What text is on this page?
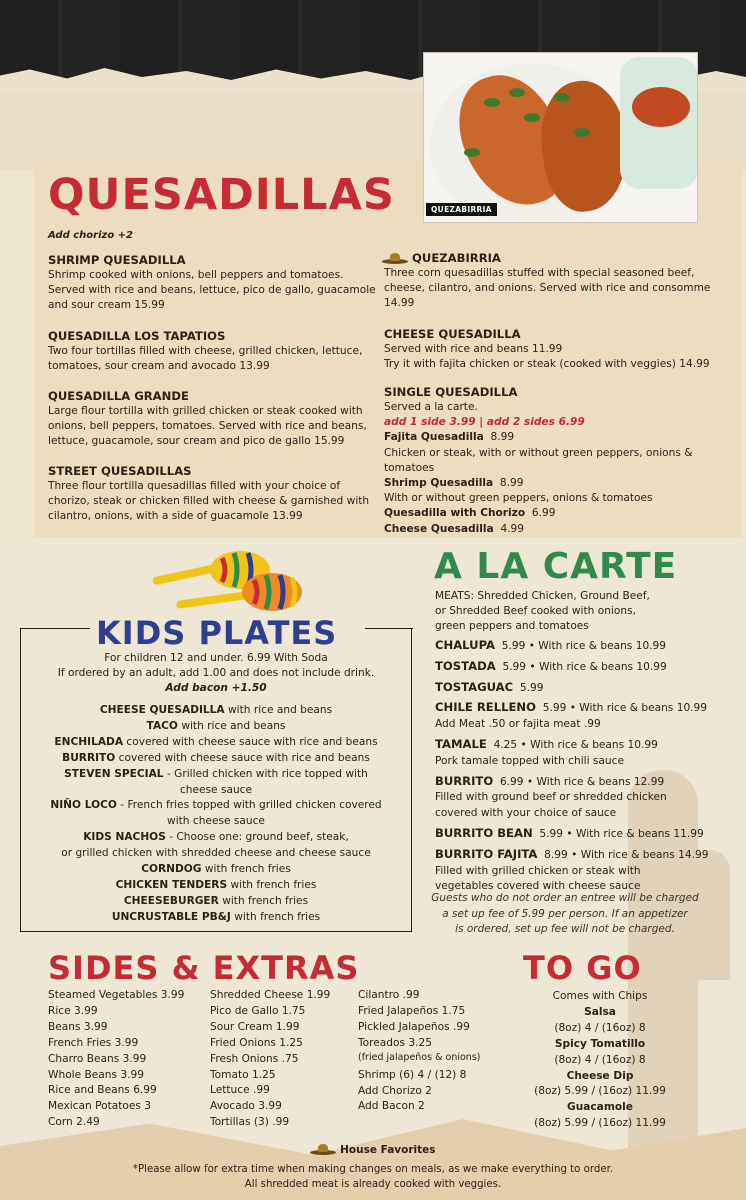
QUEZABIRRIA
QUESADILLAS
Add chorizo +2
SHRIMP QUESADILLA
Shrimp cooked with onions, bell peppers and tomatoes. Served with rice and beans, lettuce, pico de gallo, guacamole and sour cream 15.99
QUESADILLA LOS TAPATIOS
Two four tortillas filled with cheese, grilled chicken, lettuce, tomatoes, sour cream and avocado 13.99
QUESADILLA GRANDE
Large flour tortilla with grilled chicken or steak cooked with onions, bell peppers, tomatoes. Served with rice and beans, lettuce, guacamole, sour cream and pico de gallo 15.99
STREET QUESADILLAS
Three flour tortilla quesadillas filled with your choice of chorizo, steak or chicken filled with cheese & garnished with cilantro, onions, with a side of guacamole 13.99
QUEZABIRRIA
Three corn quesadillas stuffed with special seasoned beef, cheese, cilantro, and onions. Served with rice and consomme 14.99
CHEESE QUESADILLA
Served with rice and beans 11.99
Try it with fajita chicken or steak (cooked with veggies) 14.99
SINGLE QUESADILLA
Served a la carte.
add 1 side 3.99 | add 2 sides 6.99
Fajita Quesadilla 8.99
Chicken or steak, with or without green peppers, onions & tomatoes
Shrimp Quesadilla 8.99
With or without green peppers, onions & tomatoes
Quesadilla with Chorizo 6.99
Cheese Quesadilla 4.99
KIDS PLATES
For children 12 and under. 6.99 With Soda
If ordered by an adult, add 1.00 and does not include drink.
Add bacon +1.50
CHEESE QUESADILLA with rice and beans
TACO with rice and beans
ENCHILADA covered with cheese sauce with rice and beans
BURRITO covered with cheese sauce with rice and beans
STEVEN SPECIAL - Grilled chicken with rice topped with
cheese sauce
NIÑO LOCO - French fries topped with grilled chicken covered
with cheese sauce
KIDS NACHOS - Choose one: ground beef, steak,
or grilled chicken with shredded cheese and cheese sauce
CORNDOG with french fries
CHICKEN TENDERS with french fries
CHEESEBURGER with french fries
UNCRUSTABLE PB&J with french fries
A LA CARTE
MEATS: Shredded Chicken, Ground Beef,
or Shredded Beef cooked with onions,
green peppers and tomatoes
CHALUPA 5.99 • With rice & beans 10.99
TOSTADA 5.99 • With rice & beans 10.99
TOSTAGUAC 5.99
CHILE RELLENO 5.99 • With rice & beans 10.99
Add Meat .50 or fajita meat .99
TAMALE 4.25 • With rice & beans 10.99
Pork tamale topped with chili sauce
BURRITO 6.99 • With rice & beans 12.99
Filled with ground beef or shredded chicken
covered with your choice of sauce
BURRITO BEAN 5.99 • With rice & beans 11.99
BURRITO FAJITA 8.99 • With rice & beans 14.99
Filled with grilled chicken or steak with
vegetables covered with cheese sauce
Guests who do not order an entree will be charged
a set up fee of 5.99 per person. If an appetizer
is ordered, set up fee will not be charged.
SIDES & EXTRAS
Steamed Vegetables 3.99
Rice 3.99
Beans 3.99
French Fries 3.99
Charro Beans 3.99
Whole Beans 3.99
Rice and Beans 6.99
Mexican Potatoes 3
Corn 2.49
Shredded Cheese 1.99
Pico de Gallo 1.75
Sour Cream 1.99
Fried Onions 1.25
Fresh Onions .75
Tomato 1.25
Lettuce .99
Avocado 3.99
Tortillas (3) .99
Cilantro .99
Fried Jalapeños 1.75
Pickled Jalapeños .99
Toreados 3.25
(fried jalapeños & onions)
Shrimp (6) 4 / (12) 8
Add Chorizo 2
Add Bacon 2
TO GO
Comes with Chips
Salsa
(8oz) 4 / (16oz) 8
Spicy Tomatillo
(8oz) 4 / (16oz) 8
Cheese Dip
(8oz) 5.99 / (16oz) 11.99
Guacamole
(8oz) 5.99 / (16oz) 11.99
House Favorites
*Please allow for extra time when making changes on meals, as we make everything to order.
All shredded meat is already cooked with veggies.
